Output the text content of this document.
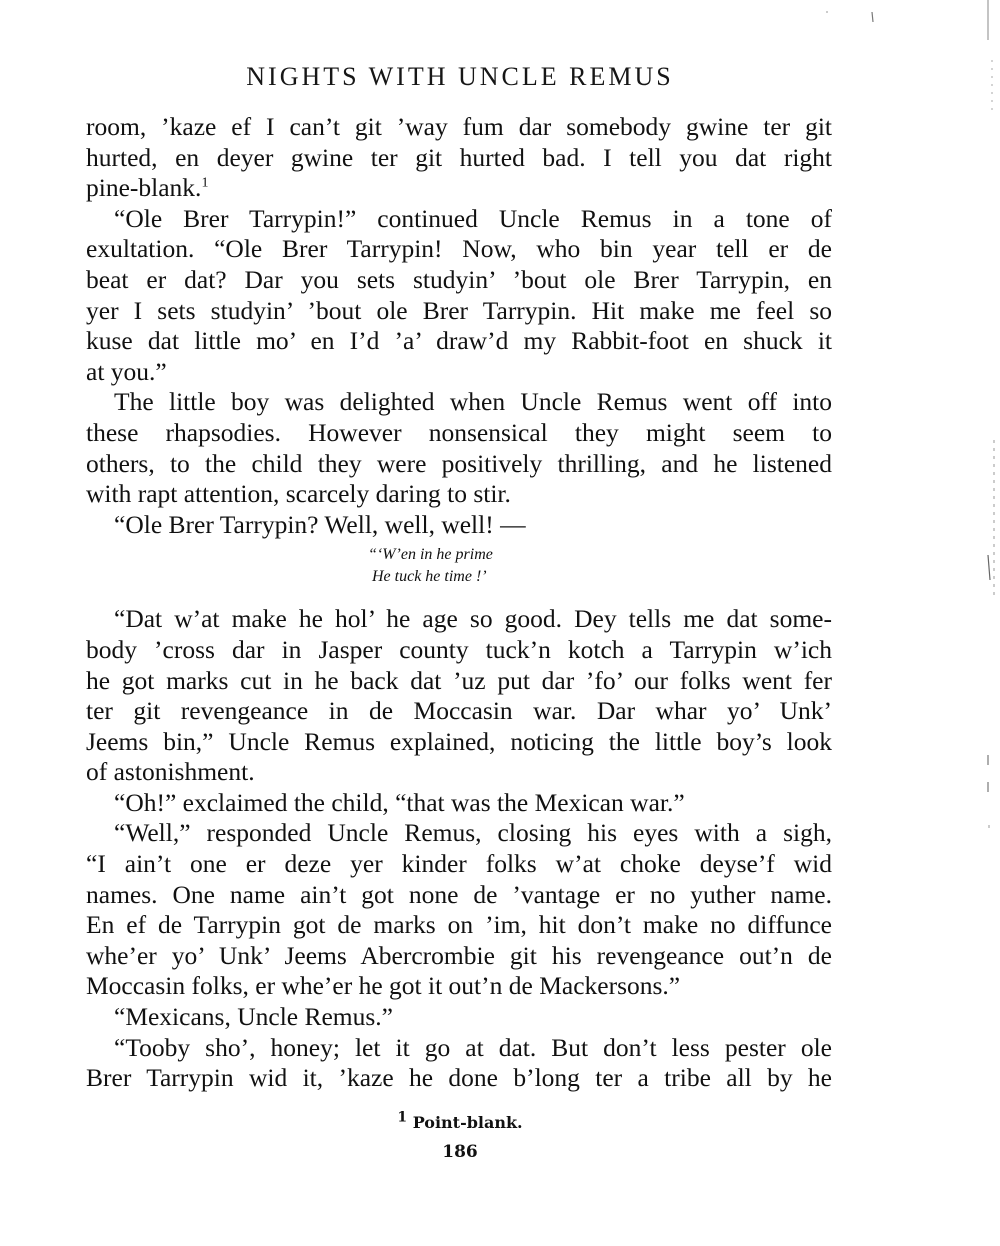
NIGHTS WITH UNCLE REMUS
room, ’kaze ef I can’t git ’way fum dar somebody gwine ter git
hurted, en deyer gwine ter git hurted bad. I tell you dat right
pine-blank.$^1$
“Ole Brer Tarrypin!” continued Uncle Remus in a tone of
exultation. “Ole Brer Tarrypin! Now, who bin year tell er de
beat er dat? Dar you sets studyin’ ’bout ole Brer Tarrypin, en
yer I sets studyin’ ’bout ole Brer Tarrypin. Hit make me feel so
kuse dat little mo’ en I’d ’a’ draw’d my Rabbit-foot en shuck it
at you.”
The little boy was delighted when Uncle Remus went off into
these rhapsodies. However nonsensical they might seem to
others, to the child they were positively thrilling, and he listened
with rapt attention, scarcely daring to stir.
“Ole Brer Tarrypin? Well, well, well! —
“‘W’en in he prime
He tuck he time !’
“Dat w’at make he hol’ he age so good. Dey tells me dat some-
body ’cross dar in Jasper county tuck’n kotch a Tarrypin w’ich
he got marks cut in he back dat ’uz put dar ’fo’ our folks went fer
ter git revengeance in de Moccasin war. Dar whar yo’ Unk’
Jeems bin,” Uncle Remus explained, noticing the little boy’s look
of astonishment.
“Oh!” exclaimed the child, “that was the Mexican war.”
“Well,” responded Uncle Remus, closing his eyes with a sigh,
“I ain’t one er deze yer kinder folks w’at choke deyse’f wid
names. One name ain’t got none de ’vantage er no yuther name.
En ef de Tarrypin got de marks on ’im, hit don’t make no diffunce
whe’er yo’ Unk’ Jeems Abercrombie git his revengeance out’n de
Moccasin folks, er whe’er he got it out’n de Mackersons.”
“Mexicans, Uncle Remus.”
“Tooby sho’, honey; let it go at dat. But don’t less pester ole
Brer Tarrypin wid it, ’kaze he done b’long ter a tribe all by he
$^1$ Point-blank.
186
